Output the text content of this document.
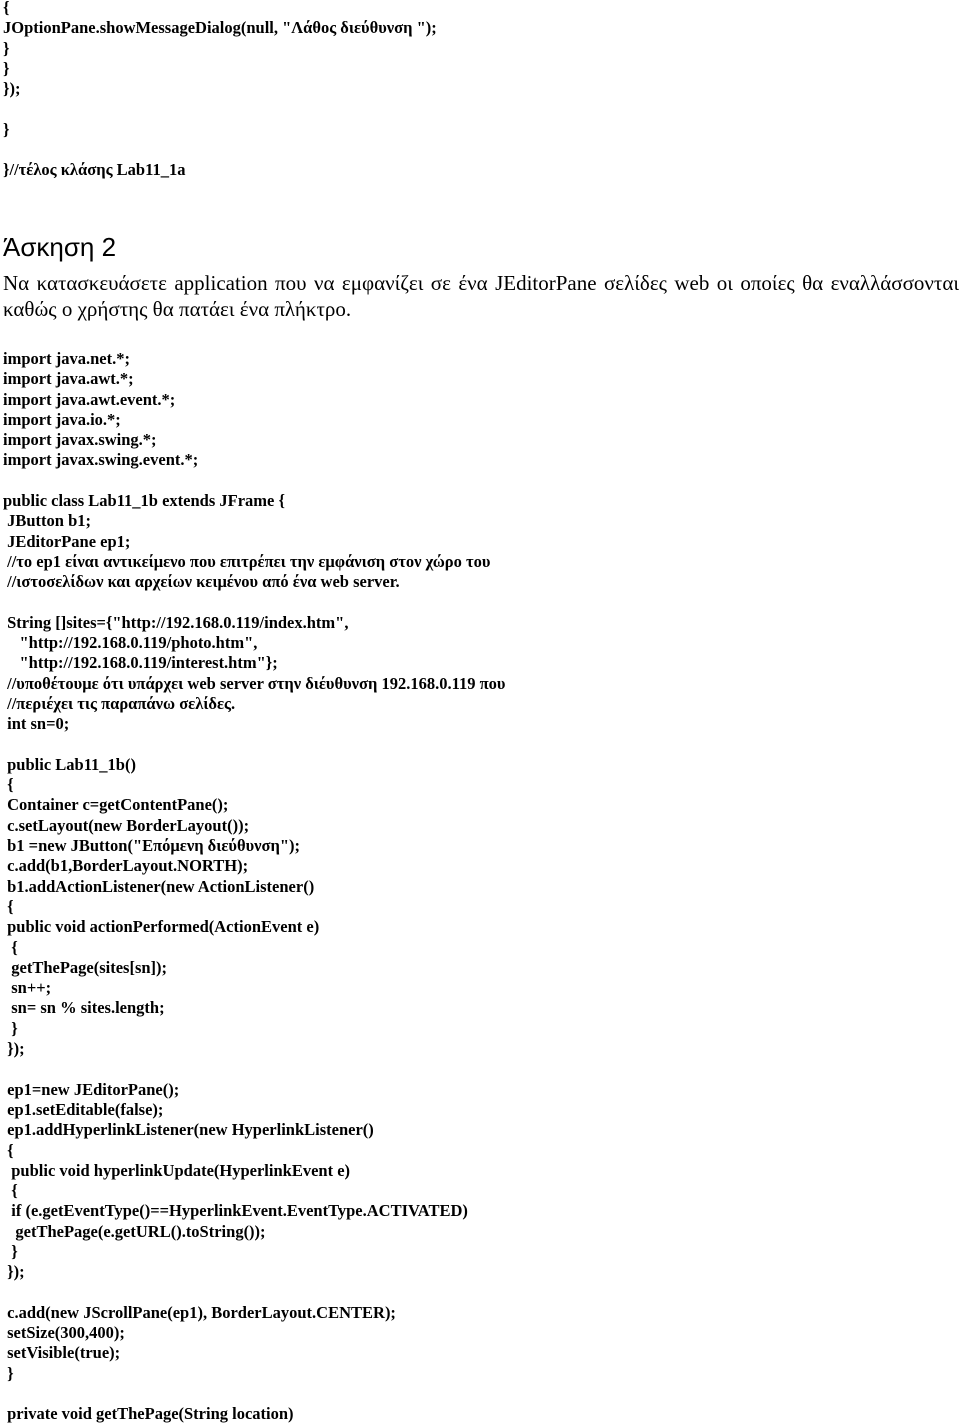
{
JOptionPane.showMessageDialog(null, "Λάθος διεύθυνση ");
}
}
});
}
}//τέλος κλάσης Lab11_1a
Άσκηση 2
Να κατασκευάσετε application που να εμφανίζει σε ένα JEditorPane σελίδες web οι οποίες θα εναλλάσσονται καθώς ο χρήστης θα πατάει ένα πλήκτρο.
import java.net.*;
import java.awt.*;
import java.awt.event.*;
import java.io.*;
import javax.swing.*;
import javax.swing.event.*;
public class Lab11_1b extends JFrame {
JButton b1;
JEditorPane ep1;
//το ep1 είναι αντικείμενο που επιτρέπει την εμφάνιση στον χώρο του
//ιστοσελίδων και αρχείων κειμένου από ένα web server.
String []sites={"http://192.168.0.119/index.htm",
"http://192.168.0.119/photo.htm",
"http://192.168.0.119/interest.htm"};
//υποθέτουμε ότι υπάρχει web server στην διέυθυνση 192.168.0.119 που
//περιέχει τις παραπάνω σελίδες.
int sn=0;
public Lab11_1b()
{
Container c=getContentPane();
c.setLayout(new BorderLayout());
b1 =new JButton("Επόμενη διεύθυνση");
c.add(b1,BorderLayout.NORTH);
b1.addActionListener(new ActionListener()
{
public void actionPerformed(ActionEvent e)
{
getThePage(sites[sn]);
sn++;
sn= sn % sites.length;
}
});
ep1=new JEditorPane();
ep1.setEditable(false);
ep1.addHyperlinkListener(new HyperlinkListener()
{
public void hyperlinkUpdate(HyperlinkEvent e)
{
if (e.getEventType()==HyperlinkEvent.EventType.ACTIVATED)
getThePage(e.getURL().toString());
}
});
c.add(new JScrollPane(ep1), BorderLayout.CENTER);
setSize(300,400);
setVisible(true);
}
private void getThePage(String location)
